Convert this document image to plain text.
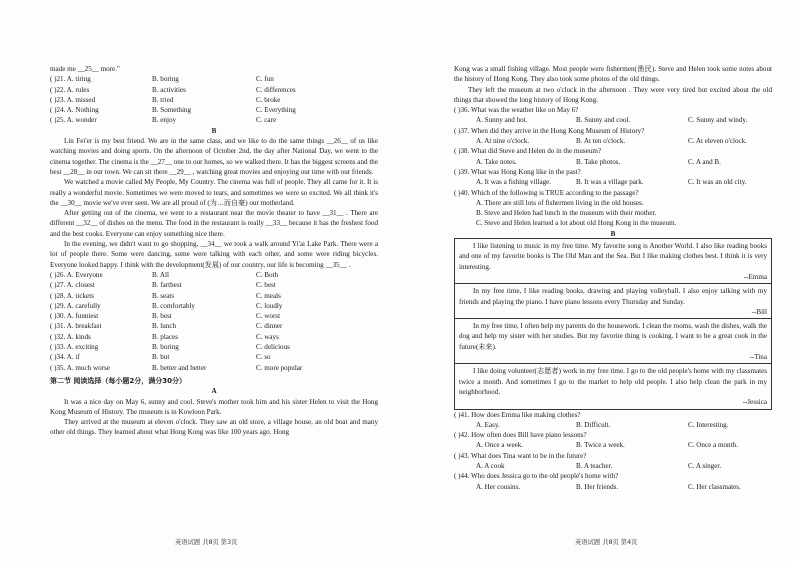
made me __25__ more."
( )21. A. tiring	B. boring	C. fun
( )22. A. rules	B. activities	C. differences
( )23. A. missed	B. tried	C. broke
( )24. A. Nothing	B. Something	C. Everything
( )25. A. wonder	B. enjoy	C. care
B

Lin Fei'er is my best friend. We are in the same class, and we like to do the same things __26__ of us like watching movies and doing sports. On the afternoon of October 2nd, the day after National Day, we went to the cinema together. The cinema is the __27__ one to our homes, so we walked there. It has the biggest screens and the best __28__ in our town. We can sit there __29__ , watching great movies and enjoying our time with our friends.

We watched a movie called My People, My Country. The cinema was full of people. They all came for it. It is really a wonderful movie. Sometimes we were moved to tears, and sometimes we were so excited. We all think it's the __30__ movie we've ever seen. We are all proud of (为…而自豪) our motherland.

After getting out of the cinema, we went to a restaurant near the movie theater to have __31__ . There are different __32__ of dishes on the menu. The food in the restaurant is really __33__ because it has the freshest food and the best cooks. Everyone can enjoy something nice there.

In the evening, we didn't want to go shopping, __34__ we took a walk around Yi'ai Lake Park. There were a lot of people there. Some were dancing, some were talking with each other, and some were riding bicycles. Everyone looked happy. I think with the development(发展) of our country, our life is becoming __35__ .

( )26. A. Everyone	B. All	C. Both
( )27. A. closest	B. farthest	C. best
( )28. A. tickets	B. seats	C. meals
( )29. A. carefully	B. comfortably	C. loudly
( )30. A. funniest	B. best	C. worst
( )31. A. breakfast	B. lunch	C. dinner
( )32. A. kinds	B. places	C. ways
( )33. A. exciting	B. boring	C. delicious
( )34. A. if	B. but	C. so
( )35. A. much worse	B. better and better	C. more popular
第二节 阅读选择（每小题2分，满分30分）
A

It was a nice day on May 6, sunny and cool. Steve's mother took him and his sister Helen to visit the Hong Kong Museum of History. The museum is in Kowloon Park.

They arrived at the museum at eleven o'clock. They saw an old store, a village house, an old boat and many other old things. They learned about what Hong Kong was like 100 years ago. Hong

英语试题 共8页 第3页

Kong was a small fishing village. Most people were fishermen(渔民). Steve and Helen took some notes about the history of Hong Kong. They also took some photos of the old things.

They left the museum at two o'clock in the afternoon . They were very tired but excited about the old things that showed the long history of Hong Kong.

( )36. What was the weather like on May 6?
A. Sunny and hot.	B. Sunny and cool.	C. Sunny and windy.
( )37. When did they arrive in the Hong Kong Museum of History?
A. At nine o'clock.	B. At ten o'clock.	C. At eleven o'clock.
( )38. What did Steve and Helen do in the museum?
A. Take notes.	B. Take photos.	C. A and B.
( )39. What was Hong Kong like in the past?
A. It was a fishing village.	B. It was a village park.	C. It was an old city.
( )40. Which of the following is TRUE according to the passage?
A. There are still lots of fishermen living in the old houses.
B. Steve and Helen had lunch in the museum with their mother.
C. Steve and Helen learned a lot about old Hong Kong in the museum.
B
I like listening to music in my free time. My favorite song is Another World. I also like reading books and one of my favorite books is The Old Man and the Sea. But I like making clothes best. I think it is very interesting.
--Emma
In my free time, I like reading books, drawing and playing volleyball. I also enjoy talking with my friends and playing the piano. I have piano lessons every Thursday and Sunday.
--Bill
In my free time, I often help my parents do the housework. I clean the rooms, wash the dishes, walk the dog and help my sister with her studies. But my favorite thing is cooking. I want to be a great cook in the future(未来).
--Tina
I like doing volunteer(志愿者) work in my free time. I go to the old people's home with my classmates twice a month. And sometimes I go to the market to help old people. I also help clean the park in my neighborhood.
--Jessica
( )41. How does Emma like making clothes?
A. Easy.	B. Difficult.	C. Interesting.
( )42. How often does Bill have piano lessons?
A. Once a week.	B. Twice a week.	C. Once a month.
( )43. What does Tina want to be in the future?
A. A cook	B. A teacher.	C. A singer.
( )44. Who does Jessica go to the old people's home with?
A. Her cousins.	B. Her friends.	C. Her classmates.
英语试题 共8页 第4页
